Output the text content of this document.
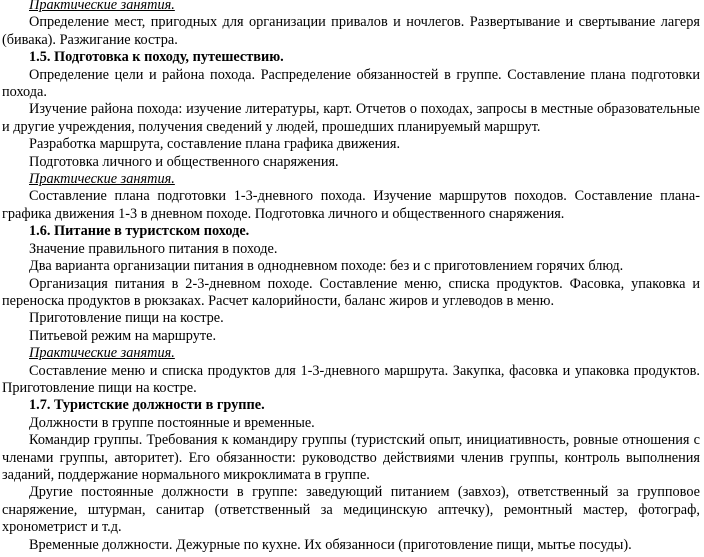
Практические занятия.

Определение мест, пригодных для организации привалов и ночлегов. Развертывание и свертывание лагеря (бивака). Разжигание костра.

1.5. Подготовка к походу, путешествию.

Определение цели и района похода. Распределение обязанностей в группе. Составление плана подготовки похода.

Изучение района похода: изучение литературы, карт. Отчетов о походах, запросы в местные образовательные и другие учреждения, получения сведений у людей, прошедших планируемый маршрут.

Разработка маршрута, составление плана графика движения.

Подготовка личного и общественного снаряжения.

Практические занятия.

Составление плана подготовки 1-3-дневного похода. Изучение маршрутов походов. Составление плана-графика движения 1-3 в дневном походе. Подготовка личного и общественного снаряжения.

1.6. Питание в туристском походе.

Значение правильного питания в походе.

Два варианта организации питания в однодневном походе: без и с приготовлением горячих блюд.

Организация питания в 2-3-дневном походе. Составление меню, списка продуктов. Фасовка, упаковка и переноска продуктов в рюкзаках. Расчет калорийности, баланс жиров и углеводов в меню.

Приготовление пищи на костре.

Питьевой режим на маршруте.

Практические занятия.

Составление меню и списка продуктов для 1-3-дневного маршрута. Закупка, фасовка и упаковка продуктов. Приготовление пищи на костре.

1.7. Туристские должности в группе.

Должности в группе постоянные и временные.

Командир группы. Требования к командиру группы (туристский опыт, инициативность, ровные отношения с членами группы, авторитет). Его обязанности: руководство действиями членив группы, контроль выполнения заданий, поддержание нормального микроклимата в группе.

Другие постоянные должности в группе: заведующий питанием (завхоз), ответственный за групповое снаряжение, штурман, санитар (ответственный за медицинскую аптечку), ремонтный мастер, фотограф, хронометрист и т.д.

Временные должности. Дежурные по кухне. Их обязанноси (приготовление пищи, мытье посуды).
